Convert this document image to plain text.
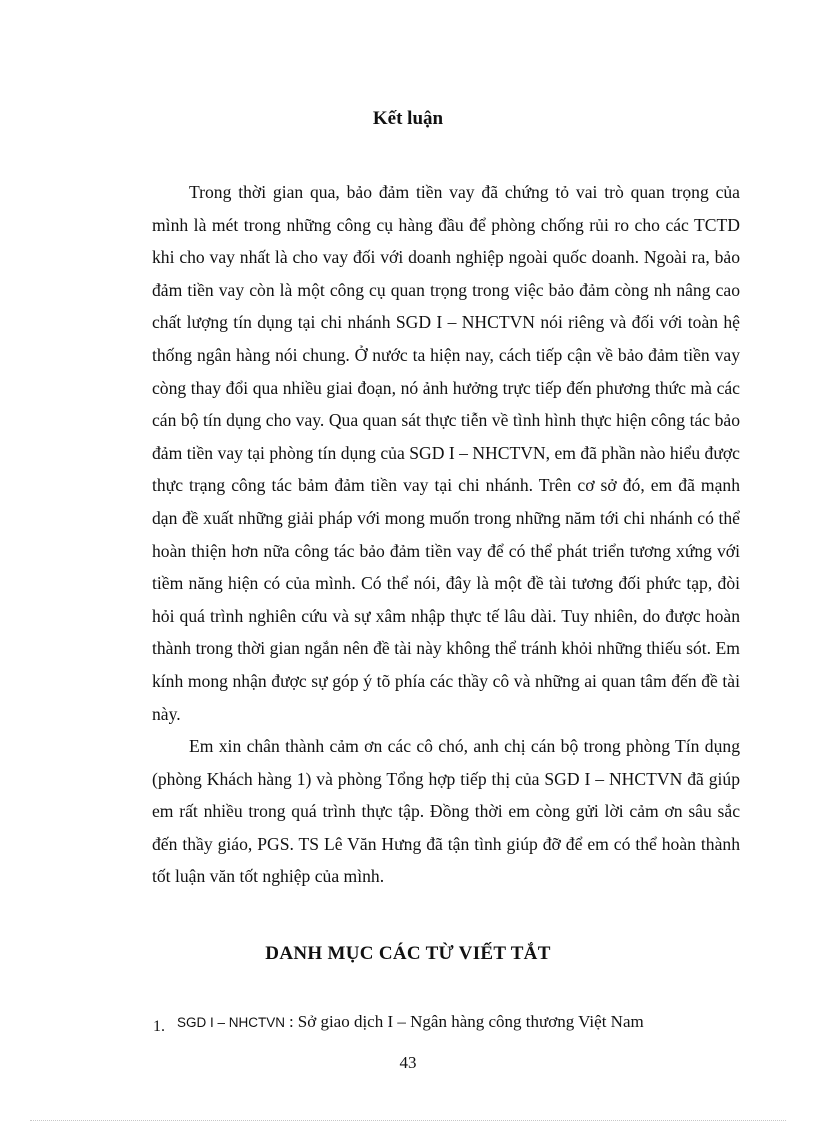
Kết luận

Trong thời gian qua, bảo đảm tiền vay đã chứng tỏ vai trò quan trọng của mình là mét trong những công cụ hàng đầu để phòng chống rủi ro cho các TCTD khi cho vay nhất là cho vay đối với doanh nghiệp ngoài quốc doanh. Ngoài ra, bảo đảm tiền vay còn là một công cụ quan trọng trong việc bảo đảm còng nh nâng cao chất lượng tín dụng tại chi nhánh SGD I – NHCTVN nói riêng và đối với toàn hệ thống ngân hàng nói chung. Ở nước ta hiện nay, cách tiếp cận về bảo đảm tiền vay còng thay đổi qua nhiều giai đoạn, nó ảnh hưởng trực tiếp đến phương thức mà các cán bộ tín dụng cho vay. Qua quan sát thực tiễn về tình hình thực hiện công tác bảo đảm tiền vay tại phòng tín dụng của SGD I – NHCTVN, em đã phần nào hiểu được thực trạng công tác bảm đảm tiền vay tại chi nhánh. Trên cơ sở đó, em đã mạnh dạn đề xuất những giải pháp với mong muốn trong những năm tới chi nhánh có thể hoàn thiện hơn nữa công tác bảo đảm tiền vay để có thể phát triển tương xứng với tiềm năng hiện có của mình. Có thể nói, đây là một đề tài tương đối phức tạp, đòi hỏi quá trình nghiên cứu và sự xâm nhập thực tế lâu dài. Tuy nhiên, do được hoàn thành trong thời gian ngắn nên đề tài này không thể tránh khỏi những thiếu sót. Em kính mong nhận được sự góp ý tõ phía các thầy cô và những ai quan tâm đến đề tài này.

Em xin chân thành cảm ơn các cô chó, anh chị cán bộ trong phòng Tín dụng (phòng Khách hàng 1) và phòng Tổng hợp tiếp thị của SGD I – NHCTVN đã giúp em rất nhiều trong quá trình thực tập. Đồng thời em còng gửi lời cảm ơn sâu sắc đến thầy giáo, PGS. TS Lê Văn Hưng đã tận tình giúp đỡ để em có thể hoàn thành tốt luận văn tốt nghiệp của mình.

DANH MỤC CÁC TỪ VIẾT TẮT
1. SGD I – NHCTVN : Sở giao dịch I – Ngân hàng công thương Việt Nam
43
